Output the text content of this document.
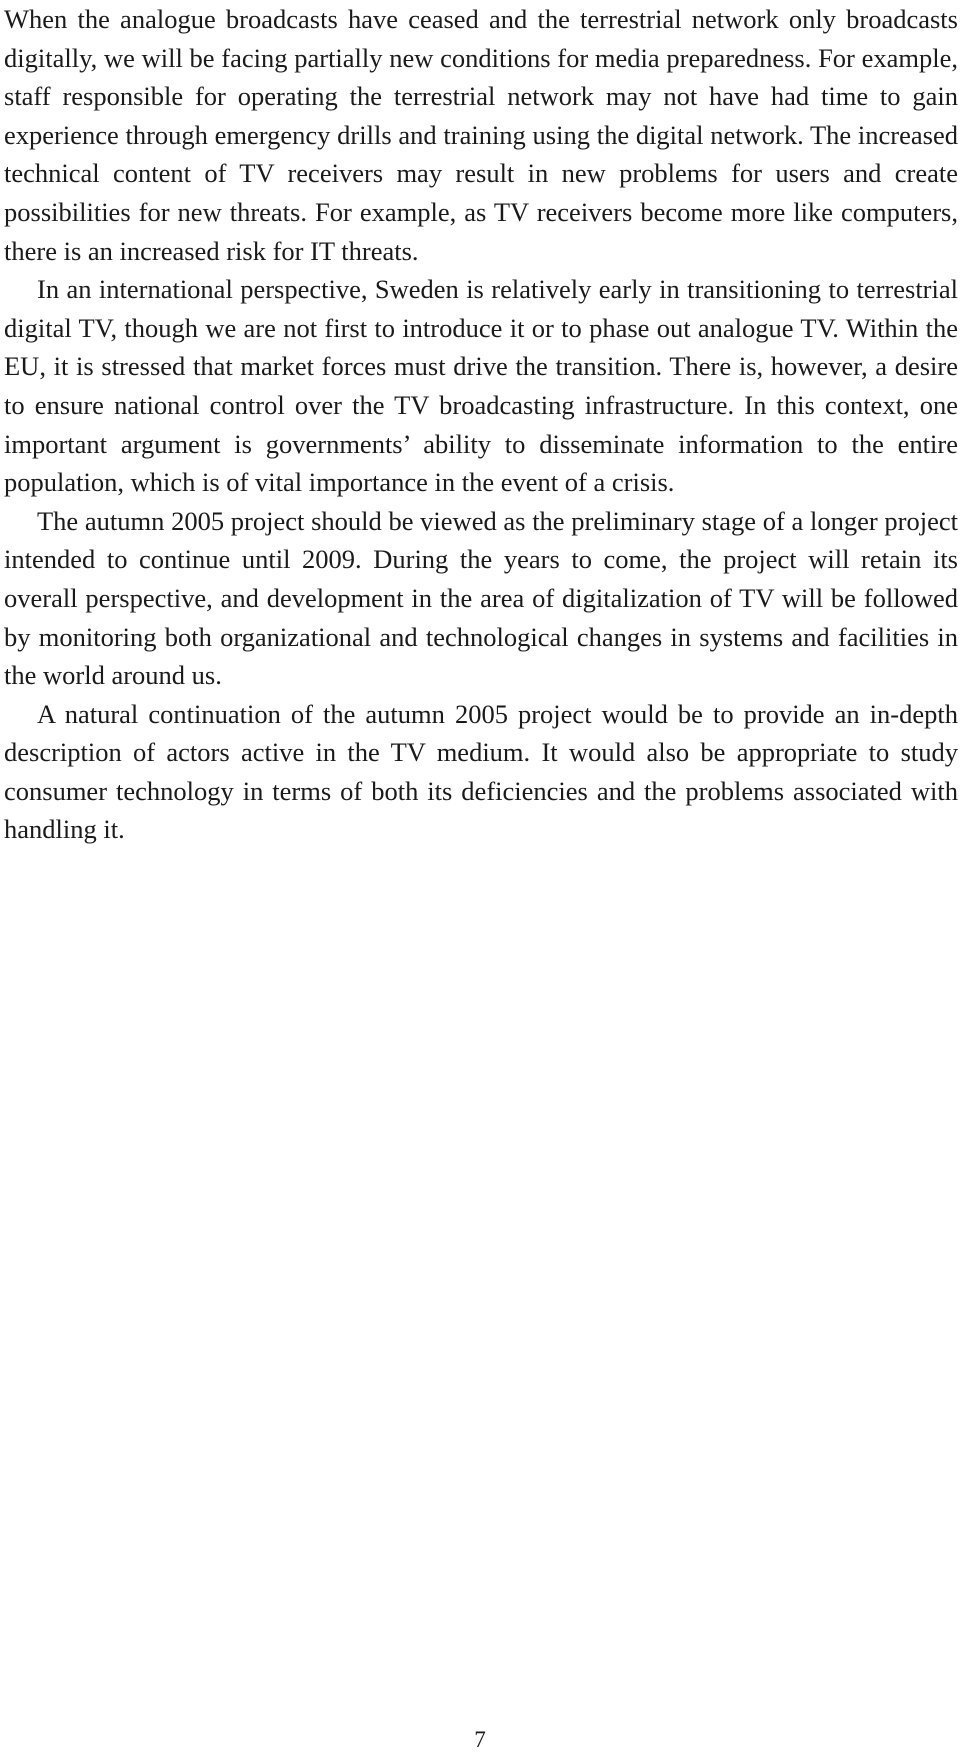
When the analogue broadcasts have ceased and the terrestrial network only broadcasts digitally, we will be facing partially new conditions for media preparedness. For example, staff responsible for operating the terrestrial network may not have had time to gain experience through emergency drills and training using the digital network. The increased technical content of TV receivers may result in new problems for users and create possibilities for new threats. For example, as TV receivers become more like computers, there is an increased risk for IT threats.

In an international perspective, Sweden is relatively early in transitioning to terrestrial digital TV, though we are not first to introduce it or to phase out analogue TV. Within the EU, it is stressed that market forces must drive the transition. There is, however, a desire to ensure national control over the TV broadcasting infrastructure. In this context, one important argument is governments’ ability to disseminate information to the entire population, which is of vital importance in the event of a crisis.

The autumn 2005 project should be viewed as the preliminary stage of a longer project intended to continue until 2009. During the years to come, the project will retain its overall perspective, and development in the area of digitalization of TV will be followed by monitoring both organizational and technological changes in systems and facilities in the world around us.

A natural continuation of the autumn 2005 project would be to provide an in-depth description of actors active in the TV medium. It would also be appropriate to study consumer technology in terms of both its deficiencies and the problems associated with handling it.

7
